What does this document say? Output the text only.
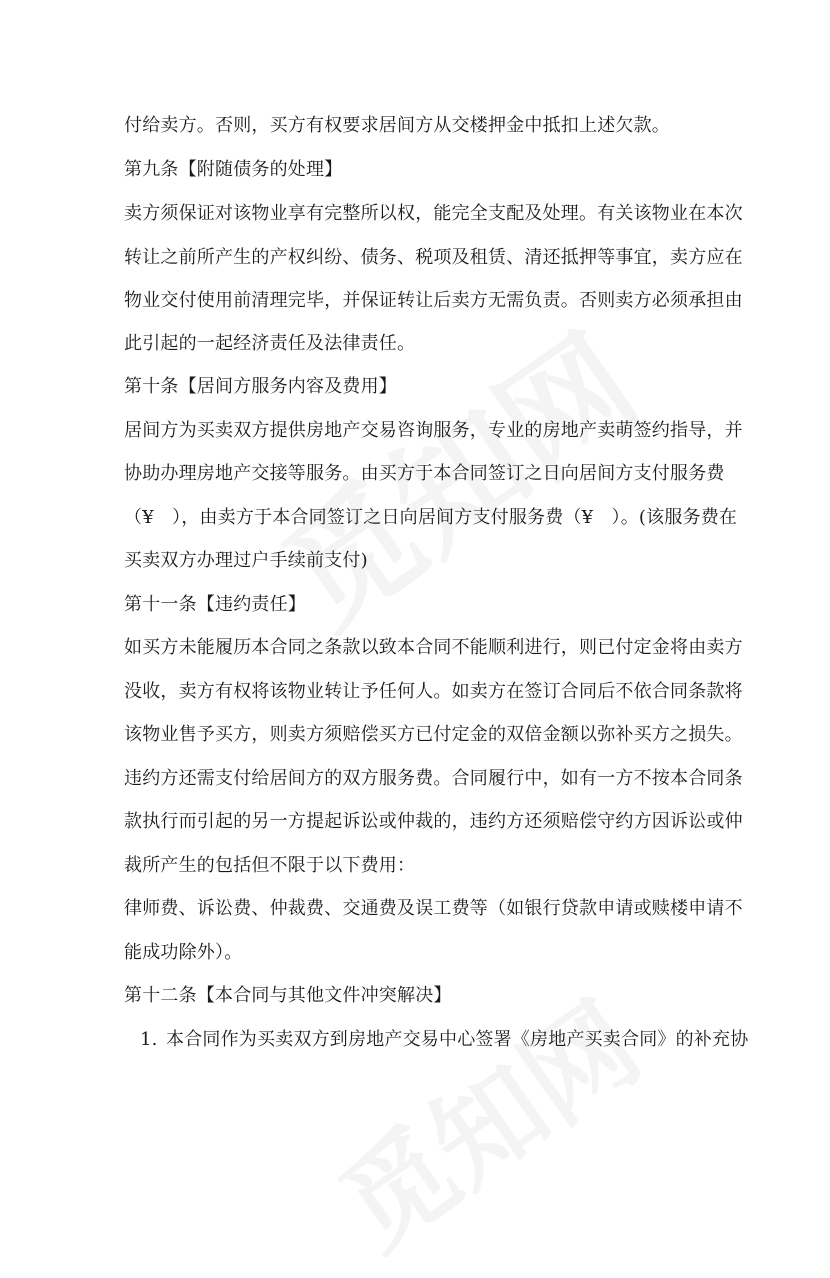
付给卖方。否则，买方有权要求居间方从交楼押金中抵扣上述欠款。
第九条【附随债务的处理】
卖方须保证对该物业享有完整所以权，能完全支配及处理。有关该物业在本次
转让之前所产生的产权纠纷、债务、税项及租赁、清还抵押等事宜，卖方应在
物业交付使用前清理完毕，并保证转让后卖方无需负责。否则卖方必须承担由
此引起的一起经济责任及法律责任。
第十条【居间方服务内容及费用】
居间方为买卖双方提供房地产交易咨询服务，专业的房地产卖萌签约指导，并
协助办理房地产交接等服务。由买方于本合同签订之日向居间方支付服务费
（¥　），由卖方于本合同签订之日向居间方支付服务费（¥　）。(该服务费在
买卖双方办理过户手续前支付)
第十一条【违约责任】
如买方未能履历本合同之条款以致本合同不能顺利进行，则已付定金将由卖方
没收，卖方有权将该物业转让予任何人。如卖方在签订合同后不依合同条款将
该物业售予买方，则卖方须赔偿买方已付定金的双倍金额以弥补买方之损失。
违约方还需支付给居间方的双方服务费。合同履行中，如有一方不按本合同条
款执行而引起的另一方提起诉讼或仲裁的，违约方还须赔偿守约方因诉讼或仲
裁所产生的包括但不限于以下费用：
律师费、诉讼费、仲裁费、交通费及误工费等（如银行贷款申请或赎楼申请不
能成功除外）。
第十二条【本合同与其他文件冲突解决】
1. 本合同作为买卖双方到房地产交易中心签署《房地产买卖合同》的补充协
